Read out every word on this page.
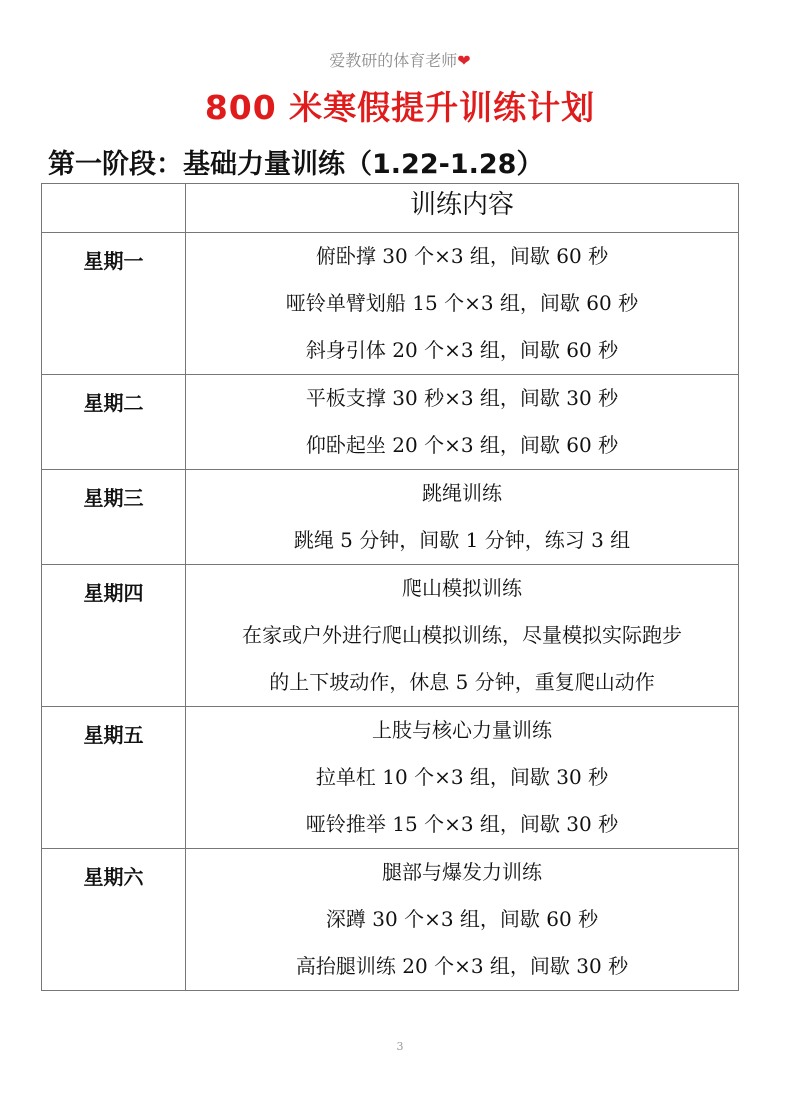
爱教研的体育老师❤
800 米寒假提升训练计划
第一阶段：基础力量训练（1.22-1.28）
	训练内容
星期一	俯卧撑 30 个×3 组，间歇 60 秒
哑铃单臂划船 15 个×3 组，间歇 60 秒
斜身引体 20 个×3 组，间歇 60 秒

星期二	平板支撑 30 秒×3 组，间歇 30 秒
仰卧起坐 20 个×3 组，间歇 60 秒

星期三	跳绳训练
跳绳 5 分钟，间歇 1 分钟，练习 3 组

星期四	爬山模拟训练
在家或户外进行爬山模拟训练，尽量模拟实际跑步
的上下坡动作，休息 5 分钟，重复爬山动作

星期五	上肢与核心力量训练
拉单杠 10 个×3 组，间歇 30 秒
哑铃推举 15 个×3 组，间歇 30 秒

星期六	腿部与爆发力训练
深蹲 30 个×3 组，间歇 60 秒
高抬腿训练 20 个×3 组，间歇 30 秒
3
